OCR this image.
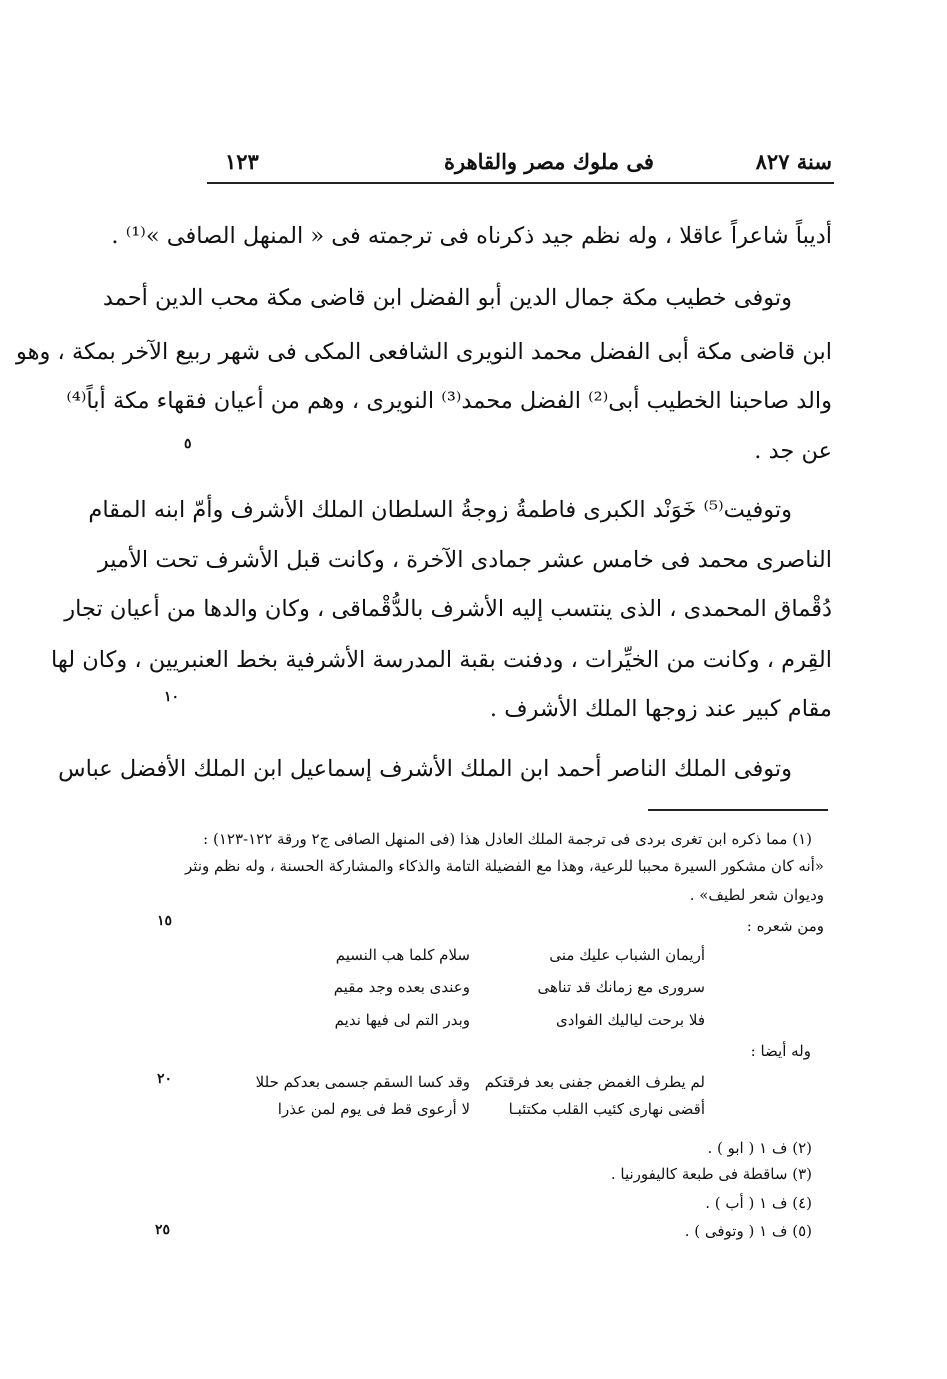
سنة ٨٢٧
فى ملوك مصر والقاهرة
١٢٣
أديباً شاعراً عاقلا ، وله نظم جيد ذكرناه فى ترجمته فى « المنهل الصافى »⁽¹⁾ .
وتوفى خطيب مكة جمال الدين أبو الفضل ابن قاضى مكة محب الدين أحمد
ابن قاضى مكة أبى الفضل محمد النويرى الشافعى المكى فى شهر ربيع الآخر بمكة ، وهو
والد صاحبنا الخطيب أبى⁽²⁾ الفضل محمد⁽³⁾ النويرى ، وهم من أعيان فقهاء مكة أباً⁽⁴⁾
عن جد .
وتوفيت⁽⁵⁾ خَوَنْد الكبرى فاطمةُ زوجةُ السلطان الملك الأشرف وأمّ ابنه المقام
الناصرى محمد فى خامس عشر جمادى الآخرة ، وكانت قبل الأشرف تحت الأمير
دُقْماق المحمدى ، الذى ينتسب إليه الأشرف بالدُّقْماقى ، وكان والدها من أعيان تجار
القِرم ، وكانت من الخيِّرات ، ودفنت بقبة المدرسة الأشرفية بخط العنبريين ، وكان لها
مقام كبير عند زوجها الملك الأشرف .
وتوفى الملك الناصر أحمد ابن الملك الأشرف إسماعيل ابن الملك الأفضل عباس
٥
١٠
١٥
٢٠
٢٥
(١) مما ذكره ابن تغرى بردى فى ترجمة الملك العادل هذا (فى المنهل الصافى ج٢ ورقة ١٢٢-١٢٣) :
«أنه كان مشكور السيرة محببا للرعية، وهذا مع الفضيلة التامة والذكاء والمشاركة الحسنة ، وله نظم ونثر
وديوان شعر لطيف» .
ومن شعره :
أريمان الشباب عليك منى
سلام كلما هب النسيم
سرورى مع زمانك قد تناهى
وعندى بعده وجد مقيم
فلا برحت لياليك الفوادى
وبدر التم لى فيها نديم
وله أيضا :
لم يطرف الغمض جفنى بعد فرقتكم
وقد كسا السقم جسمى بعدكم حللا
أقضى نهارى كئيب القلب مكتئبـا
لا أرعوى قط فى يوم لمن عذرا
(٢) ف ١ ( ابو ) .
(٣) ساقطة فى طبعة كاليفورنيا .
(٤) ف ١ ( أب ) .
(٥) ف ١ ( وتوفى ) .
